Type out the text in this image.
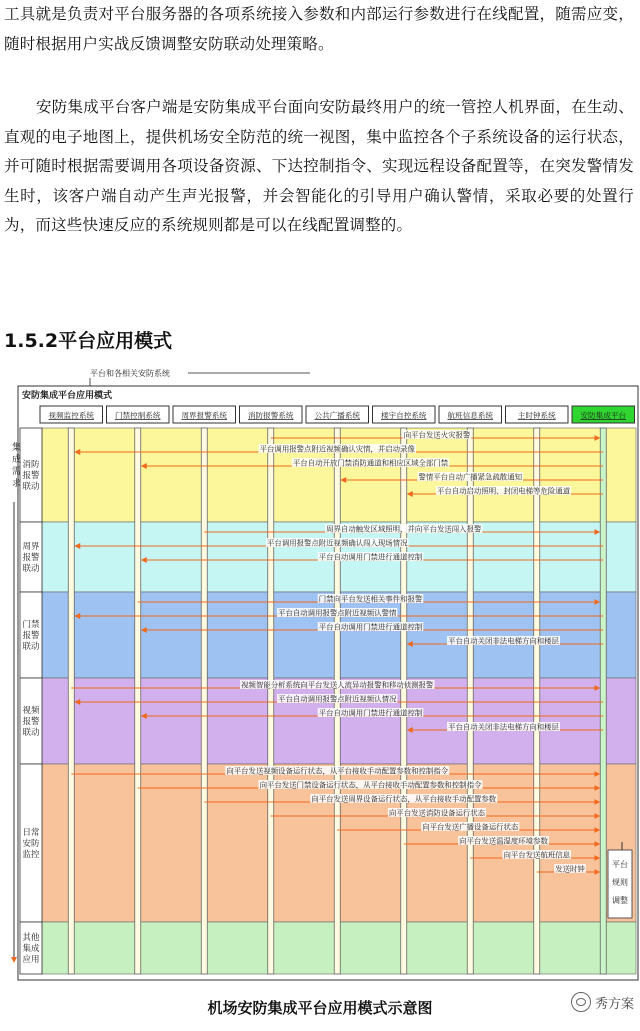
工具就是负责对平台服务器的各项系统接入参数和内部运行参数进行在线配置，随需应变，随时根据用户实战反馈调整安防联动处理策略。
安防集成平台客户端是安防集成平台面向安防最终用户的统一管控人机界面，在生动、直观的电子地图上，提供机场安全防范的统一视图，集中监控各个子系统设备的运行状态，并可随时根据需要调用各项设备资源、下达控制指令、实现远程设备配置等，在突发警情发生时，该客户端自动产生声光报警，并会智能化的引导用户确认警情，采取必要的处置行为，而这些快速反应的系统规则都是可以在线配置调整的。
1.5.2平台应用模式
平台和各相关安防系统
安防集成平台应用模式
视频监控系统	门禁控制系统	周界报警系统	消防报警系统	公共广播系统	楼宇自控系统	航班信息系统	主时钟系统	安防集成平台
消防
报警
联动
周界
报警
联动
门禁
报警
联动
视频
报警
联动
日常
安防
监控
其他
集成
应用
向平台发送火灾报警
平台调用报警点附近视频确认灾情，并启动录像
平台自动开放门禁消防通道和相应区域全部门禁
警情平台自动广播紧急疏散通知
平台自动启动照明、封闭电梯等危险通道
周界自动触发区域照明，并向平台发送闯入报警
平台调用报警点附近视频确认闯入现场情况
平台自动调用门禁进行通道控制
门禁向平台发送相关事件和报警
平台自动调用报警点附近视频认警情
平台自动调用门禁进行通道控制
平台自动关闭非法电梯方向和楼层
视频智能分析系统向平台发送人流异动报警和移动侦测报警
平台自动调用报警点附近视频认情况
平台自动调用门禁进行通道控制
平台自动关闭非法电梯方向和楼层
向平台发送视频设备运行状态，从平台接收手动配置参数和控制指令
向平台发送门禁设备运行状态，从平台接收手动配置参数和控制指令
向平台发送周界设备运行状态，从平台接收手动配置参数
向平台发送消防设备运行状态
向平台发送广播设备运行状态
向平台发送温湿度环境参数
向平台发送航班信息
发送时钟
集
成
需
求
平台
规则
调整
机场安防集成平台应用模式示意图	秀方案
